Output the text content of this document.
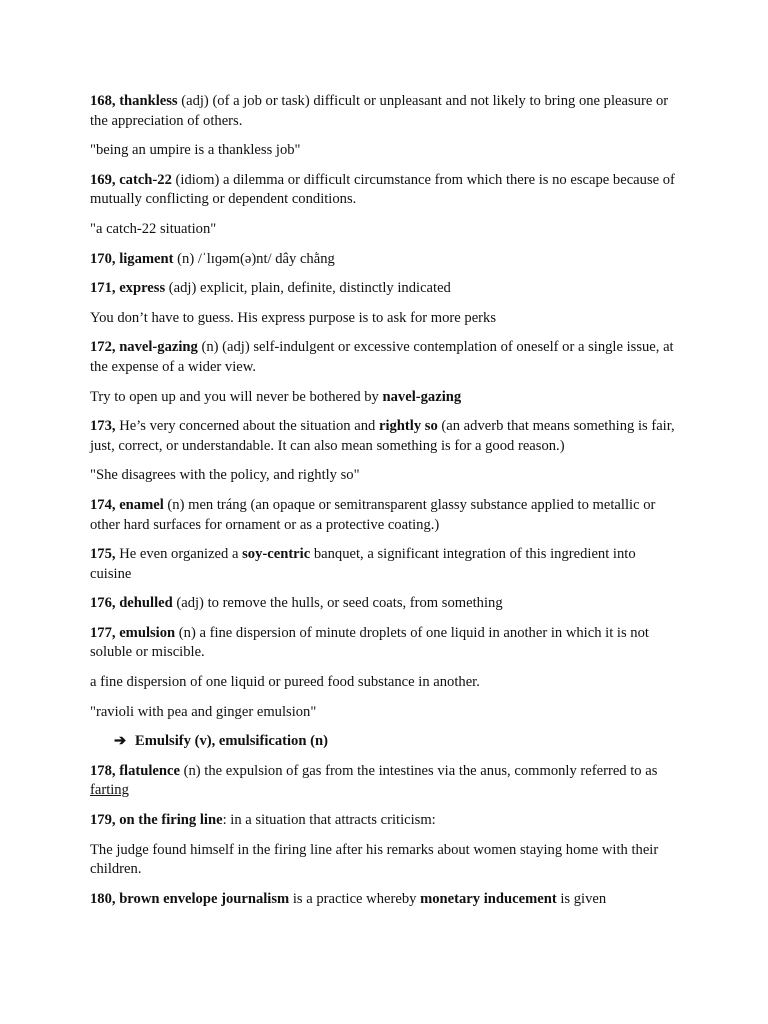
168, thankless (adj) (of a job or task) difficult or unpleasant and not likely to bring one pleasure or the appreciation of others.

"being an umpire is a thankless job"

169, catch-22 (idiom) a dilemma or difficult circumstance from which there is no escape because of mutually conflicting or dependent conditions.

"a catch-22 situation"

170, ligament (n) /ˈlɪɡəm(ə)nt/ dây chằng

171, express (adj) explicit, plain, definite, distinctly indicated

You don’t have to guess. His express purpose is to ask for more perks

172, navel-gazing (n) (adj) self-indulgent or excessive contemplation of oneself or a single issue, at the expense of a wider view.

Try to open up and you will never be bothered by navel-gazing

173, He’s very concerned about the situation and rightly so (an adverb that means something is fair, just, correct, or understandable. It can also mean something is for a good reason.)

"She disagrees with the policy, and rightly so"

174, enamel (n) men tráng (an opaque or semitransparent glassy substance applied to metallic or other hard surfaces for ornament or as a protective coating.)

175, He even organized a soy-centric banquet, a significant integration of this ingredient into cuisine

176, dehulled (adj) to remove the hulls, or seed coats, from something

177, emulsion (n) a fine dispersion of minute droplets of one liquid in another in which it is not soluble or miscible.

a fine dispersion of one liquid or pureed food substance in another.

"ravioli with pea and ginger emulsion"

➔ Emulsify (v), emulsification (n)

178, flatulence (n) the expulsion of gas from the intestines via the anus, commonly referred to as farting

179, on the firing line: in a situation that attracts criticism:

The judge found himself in the firing line after his remarks about women staying home with their children.

180, brown envelope journalism is a practice whereby monetary inducement is given
